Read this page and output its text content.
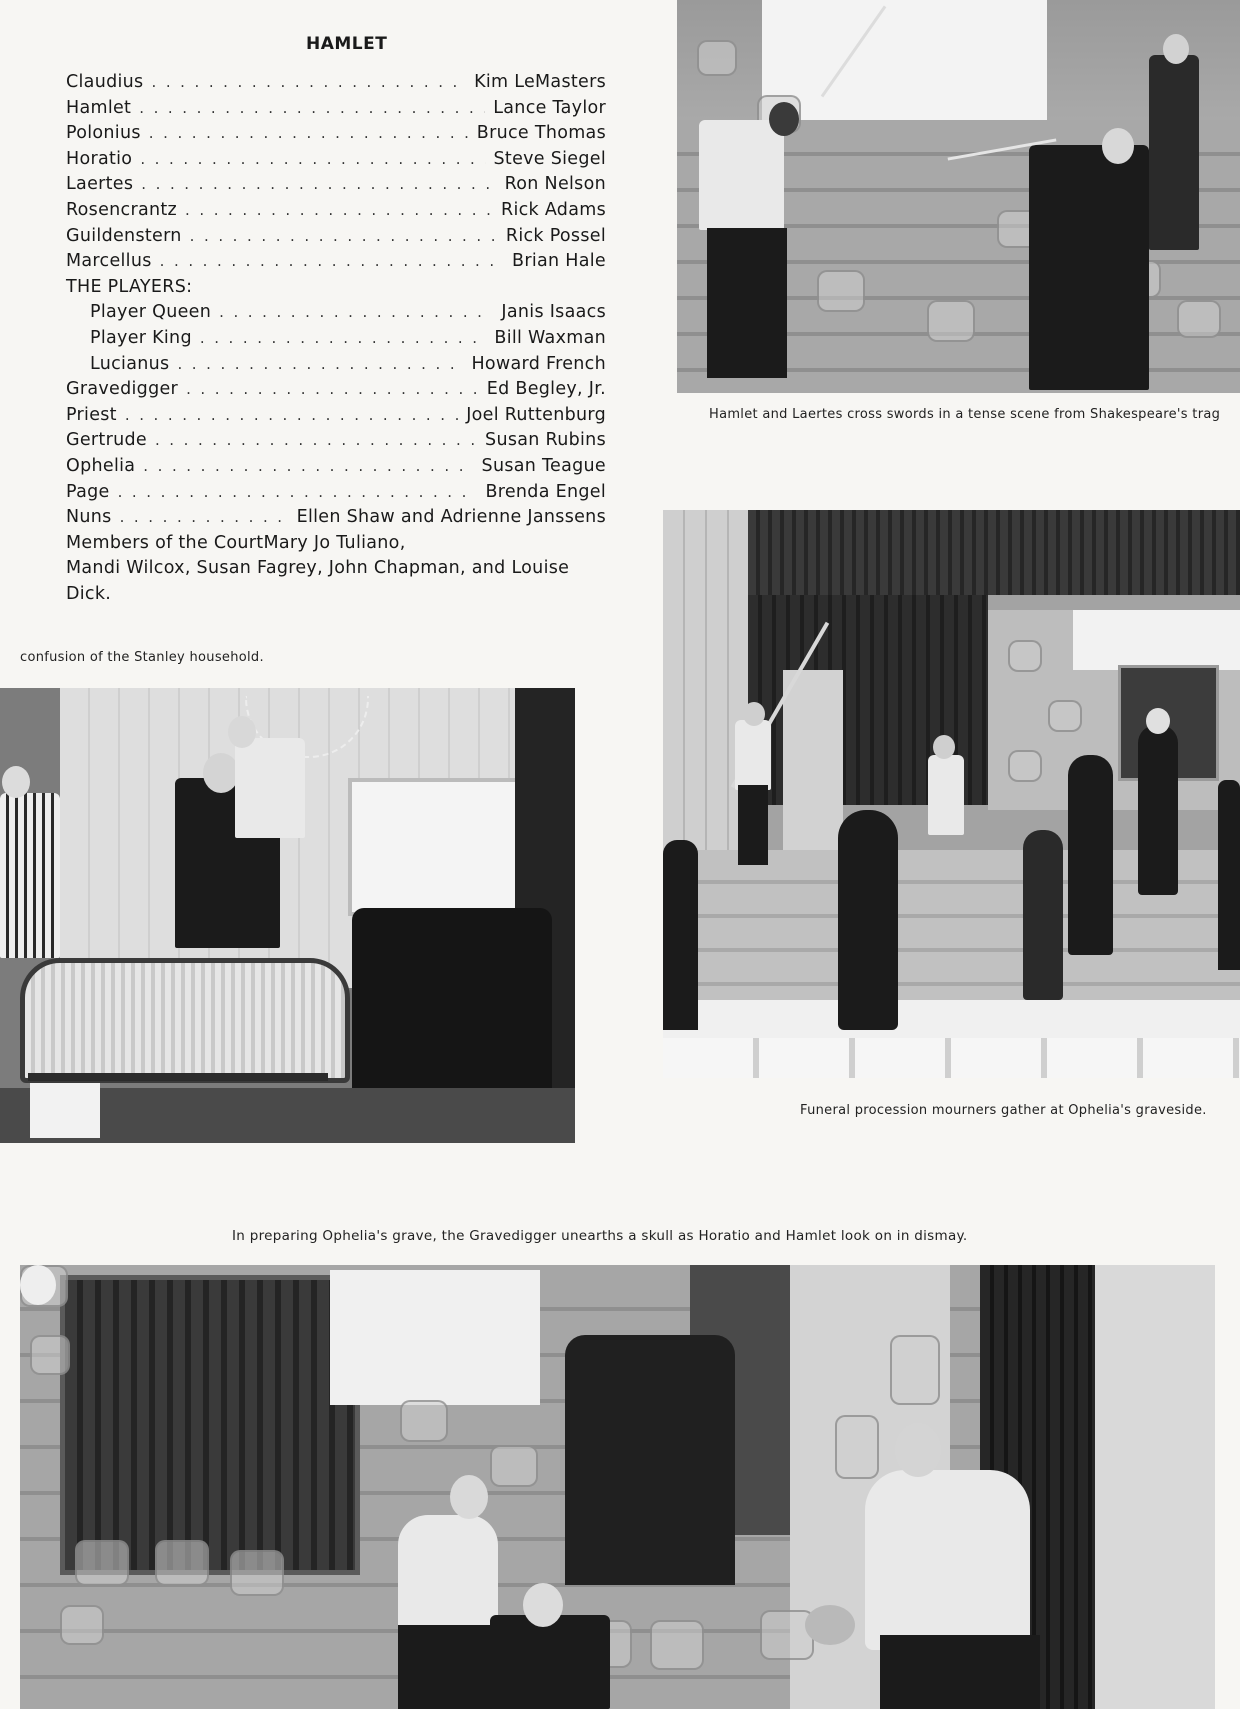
HAMLET
Claudius . . .	Kim LeMasters
Hamlet . . .	Lance Taylor
Polonius . . .	Bruce Thomas
Horatio . . .	Steve Siegel
Laertes . . .	Ron Nelson
Rosencrantz . . .	Rick Adams
Guildenstern . . .	Rick Possel
Marcellus . . .	Brian Hale
THE PLAYERS:
Player Queen . . .	Janis Isaacs
Player King . . .	Bill Waxman
Lucianus . . .	Howard French
Gravedigger . . .	Ed Begley, Jr.
Priest . . .	Joel Ruttenburg
Gertrude . . .	Susan Rubins
Ophelia . . .	Susan Teague
Page . . .	Brenda Engel
Nuns . . .	Ellen Shaw and Adrienne Janssens
Members of the Court Mary Jo Tuliano,
Mandi Wilcox, Susan Fagrey, John Chapman, and Louise Dick.
confusion of the Stanley household.
Hamlet and Laertes cross swords in a tense scene from Shakespeare's trag
Funeral procession mourners gather at Ophelia's graveside.
In preparing Ophelia's grave, the Gravedigger unearths a skull as Horatio and Hamlet look on in dismay.
